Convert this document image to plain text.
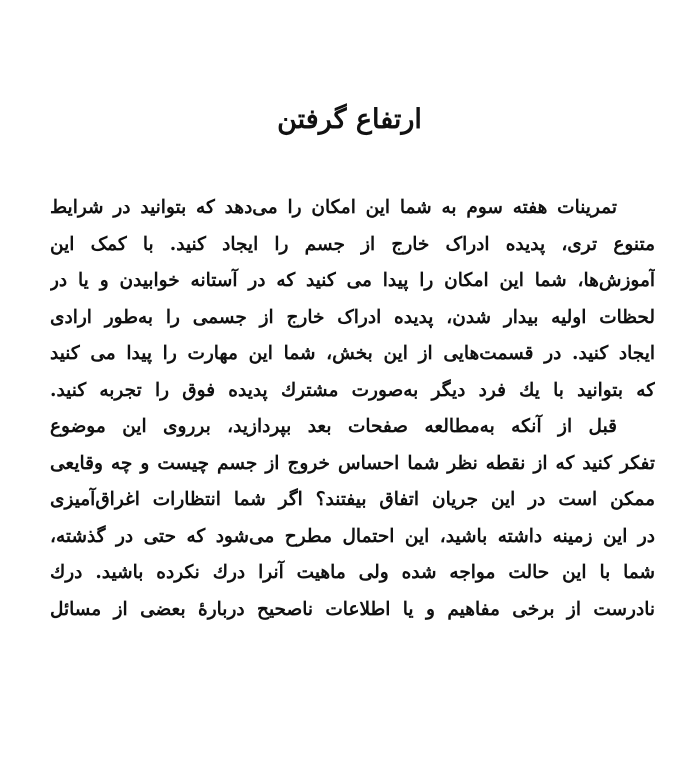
ارتفاع گرفتن
تمرینات هفته سوم به شما این امکان را می‌دهد که بتوانید در شرایط
متنوع تری، پدیده ادراک خارج از جسم را ایجاد کنید. با کمک این
آموزش‌ها، شما این امکان را پیدا می کنید که در آستانه خوابیدن و یا در
لحظات اولیه بیدار شدن، پدیده ادراک خارج از جسمی را به‌طور ارادی
ایجاد کنید. در قسمت‌هایی از این بخش، شما این مهارت را پیدا می کنید
که بتوانید با یك فرد دیگر به‌صورت مشترك پدیده فوق را تجربه کنید.
قبل از آنکه به‌مطالعه صفحات بعد بپردازید، برروی این موضوع
تفکر کنید که از نقطه نظر شما احساس خروج از جسم چیست و چه وقایعی
ممکن است در این جریان اتفاق بیفتند؟ اگر شما انتظارات اغراق‌آمیزی
در این زمینه داشته باشید، این احتمال مطرح می‌شود که حتی در گذشته،
شما با این حالت مواجه شده ولی ماهیت آنرا درك نکرده باشید. درك
نادرست از برخی مفاهیم و یا اطلاعات ناصحیح دربارهٔ بعضی از مسائل
